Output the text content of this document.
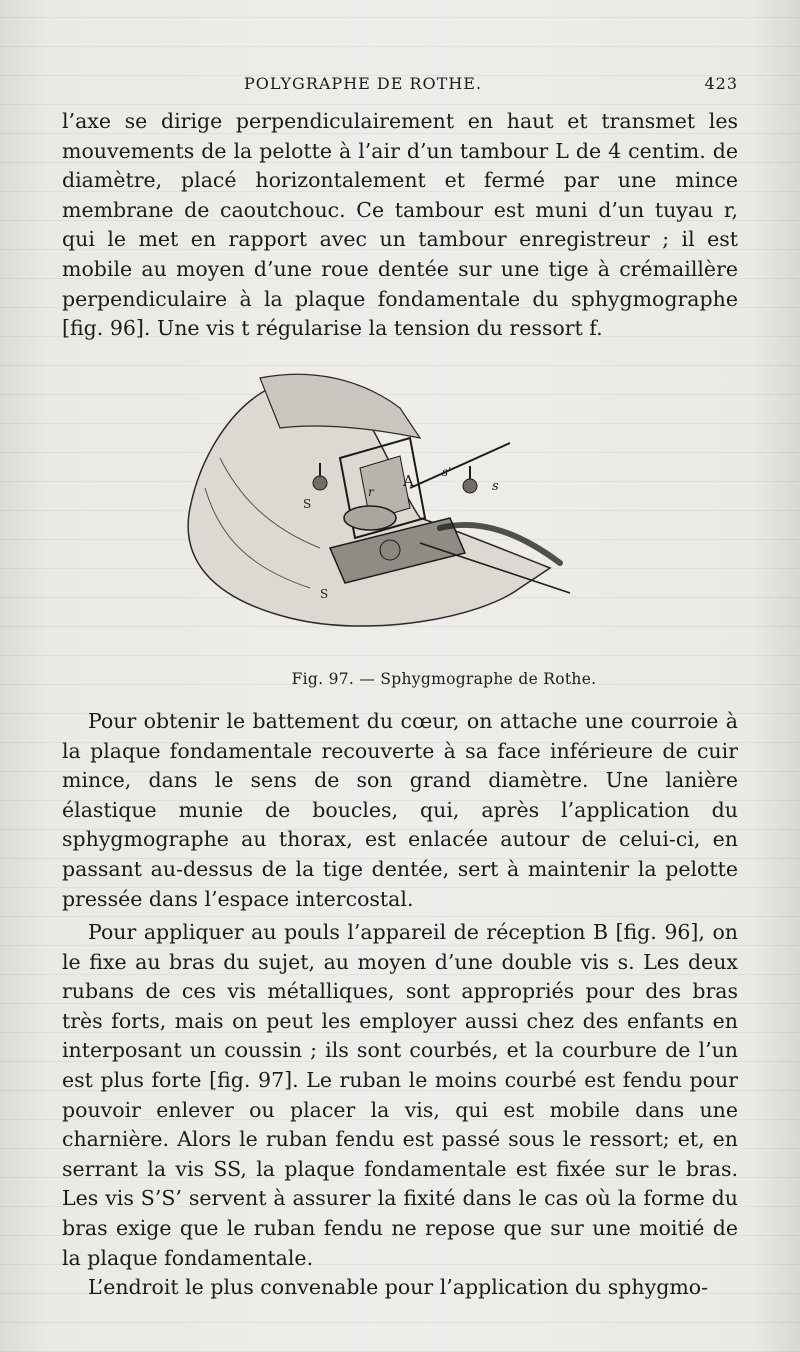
POLYGRAPHE DE ROTHE.	423

l’axe se dirige perpendiculairement en haut et transmet les mouvements de la pelotte à l’air d’un tambour L de 4 centim. de diamètre, placé horizontalement et fermé par une mince membrane de caoutchouc. Ce tambour est muni d’un tuyau r, qui le met en rapport avec un tambour enregistreur ; il est mobile au moyen d’une roue dentée sur une tige à crémaillère perpendiculaire à la plaque fondamentale du sphygmographe [fig. 96]. Une vis t régularise la tension du ressort f.

A	s
r
s'
S
S
Fig. 97. — Sphygmographe de Rothe.

Pour obtenir le battement du cœur, on attache une courroie à la plaque fondamentale recouverte à sa face inférieure de cuir mince, dans le sens de son grand diamètre. Une lanière élastique munie de boucles, qui, après l’application du sphygmographe au thorax, est enlacée autour de celui-ci, en passant au-dessus de la tige dentée, sert à maintenir la pelotte pressée dans l’espace intercostal.

Pour appliquer au pouls l’appareil de réception B [fig. 96], on le fixe au bras du sujet, au moyen d’une double vis s. Les deux rubans de ces vis métalliques, sont appropriés pour des bras très forts, mais on peut les employer aussi chez des enfants en interposant un coussin ; ils sont courbés, et la courbure de l’un est plus forte [fig. 97]. Le ruban le moins courbé est fendu pour pouvoir enlever ou placer la vis, qui est mobile dans une charnière. Alors le ruban fendu est passé sous le ressort; et, en serrant la vis SS, la plaque fondamentale est fixée sur le bras. Les vis S’S’ servent à assurer la fixité dans le cas où la forme du bras exige que le ruban fendu ne repose que sur une moitié de la plaque fondamentale.

L’endroit le plus convenable pour l’application du sphygmo-
